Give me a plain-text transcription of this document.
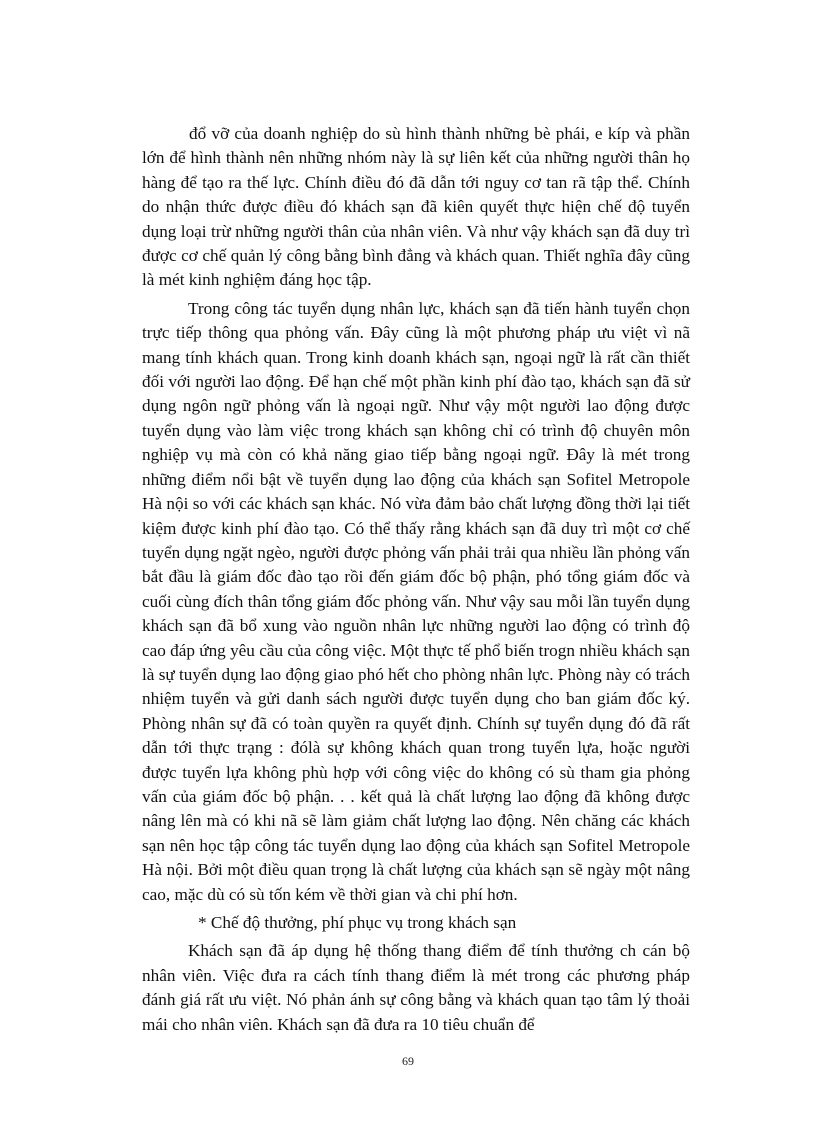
đổ vỡ của doanh nghiệp do sù hình thành những bè phái, e kíp và phần lớn để hình thành nên những nhóm này là sự liên kết của những người thân họ hàng để tạo ra thế lực. Chính điều đó đã dẫn tới nguy cơ tan rã tập thể. Chính do nhận thức được điều đó khách sạn đã kiên quyết thực hiện chế độ tuyển dụng loại trừ những người thân của nhân viên. Và như vậy khách sạn đã duy trì được cơ chế quản lý công bằng bình đẳng và khách quan. Thiết nghĩa đây cũng là mét kinh nghiệm đáng học tập.

Trong công tác tuyển dụng nhân lực, khách sạn đã tiến hành tuyển chọn trực tiếp thông qua phỏng vấn. Đây cũng là một phương pháp ưu việt vì nã mang tính khách quan. Trong kinh doanh khách sạn, ngoại ngữ là rất cần thiết đối với người lao động. Để hạn chế một phần kinh phí đào tạo, khách sạn đã sử dụng ngôn ngữ phỏng vấn là ngoại ngữ. Như vậy một người lao động được tuyển dụng vào làm việc trong khách sạn không chỉ có trình độ chuyên môn nghiệp vụ mà còn có khả năng giao tiếp bằng ngoại ngữ. Đây là mét trong những điểm nổi bật về tuyển dụng lao động của khách sạn Sofitel Metropole Hà nội so với các khách sạn khác. Nó vừa đảm bảo chất lượng đồng thời lại tiết kiệm được kinh phí đào tạo. Có thể thấy rằng khách sạn đã duy trì một cơ chế tuyển dụng ngặt ngèo, người được phỏng vấn phải trải qua nhiều lần phỏng vấn bắt đầu là giám đốc đào tạo rồi đến giám đốc bộ phận, phó tổng giám đốc và cuối cùng đích thân tổng giám đốc phỏng vấn. Như vậy sau mỗi lần tuyển dụng khách sạn đã bổ xung vào nguồn nhân lực những người lao động có trình độ cao đáp ứng yêu cầu của công việc. Một thực tế phổ biến trogn nhiều khách sạn là sự tuyển dụng lao động giao phó hết cho phòng nhân lực. Phòng này có trách nhiệm tuyển và gửi danh sách người được tuyển dụng cho ban giám đốc ký. Phòng nhân sự đã có toàn quyền ra quyết định. Chính sự tuyển dụng đó đã rất dẫn tới thực trạng : đólà sự không khách quan trong tuyển lựa, hoặc người được tuyển lựa không phù hợp với công việc do không có sù tham gia phỏng vấn của giám đốc bộ phận. . . kết quả là chất lượng lao động đã không được nâng lên mà có khi nã sẽ làm giảm chất lượng lao động. Nên chăng các khách sạn nên học tập công tác tuyển dụng lao động của khách sạn Sofitel Metropole Hà nội. Bởi một điều quan trọng là chất lượng của khách sạn sẽ ngày một nâng cao, mặc dù có sù tốn kém về thời gian và chi phí hơn.

* Chế độ thưởng, phí phục vụ trong khách sạn

Khách sạn đã áp dụng hệ thống thang điểm để tính thưởng ch cán bộ nhân viên. Việc đưa ra cách tính thang điểm là mét trong các phương pháp đánh giá rất ưu việt. Nó phản ánh sự công bằng và khách quan tạo tâm lý thoải mái cho nhân viên. Khách sạn đã đưa ra 10 tiêu chuẩn để

69
